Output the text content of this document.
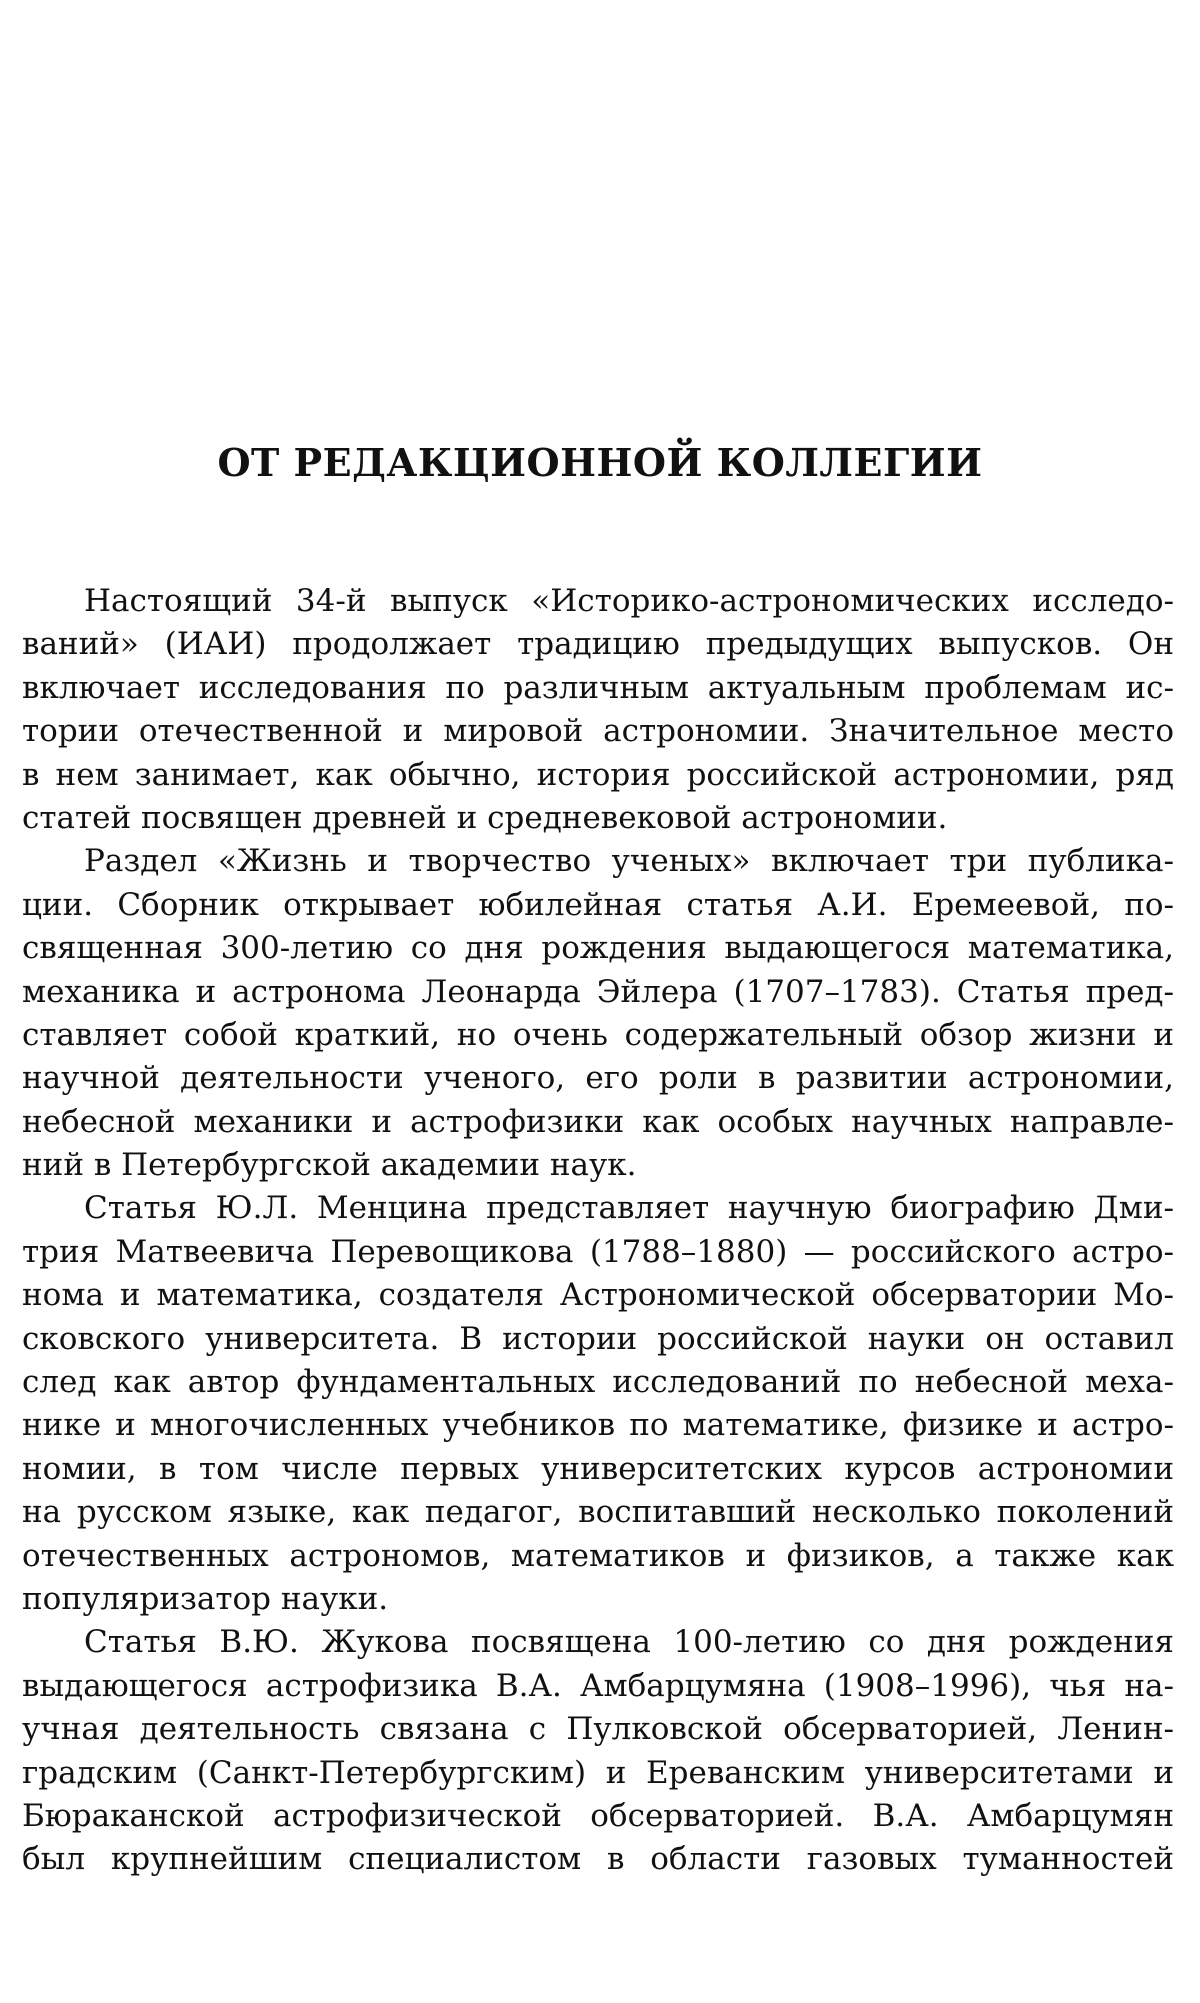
ОТ РЕДАКЦИОННОЙ КОЛЛЕГИИ
Настоящий 34-й выпуск «Историко-астрономических исследо-
ваний» (ИАИ) продолжает традицию предыдущих выпусков. Он
включает исследования по различным актуальным проблемам ис-
тории отечественной и мировой астрономии. Значительное место
в нем занимает, как обычно, история российской астрономии, ряд
статей посвящен древней и средневековой астрономии.
Раздел «Жизнь и творчество ученых» включает три публика-
ции. Сборник открывает юбилейная статья А.И. Еремеевой, по-
священная 300-летию со дня рождения выдающегося математика,
механика и астронома Леонарда Эйлера (1707–1783). Статья пред-
ставляет собой краткий, но очень содержательный обзор жизни и
научной деятельности ученого, его роли в развитии астрономии,
небесной механики и астрофизики как особых научных направле-
ний в Петербургской академии наук.
Статья Ю.Л. Менцина представляет научную биографию Дми-
трия Матвеевича Перевощикова (1788–1880) — российского астро-
нома и математика, создателя Астрономической обсерватории Мо-
сковского университета. В истории российской науки он оставил
след как автор фундаментальных исследований по небесной меха-
нике и многочисленных учебников по математике, физике и астро-
номии, в том числе первых университетских курсов астрономии
на русском языке, как педагог, воспитавший несколько поколений
отечественных астрономов, математиков и физиков, а также как
популяризатор науки.
Статья В.Ю. Жукова посвящена 100-летию со дня рождения
выдающегося астрофизика В.А. Амбарцумяна (1908–1996), чья на-
учная деятельность связана с Пулковской обсерваторией, Ленин-
градским (Санкт-Петербургским) и Ереванским университетами и
Бюраканской астрофизической обсерваторией. В.А. Амбарцумян
был крупнейшим специалистом в области газовых туманностей
